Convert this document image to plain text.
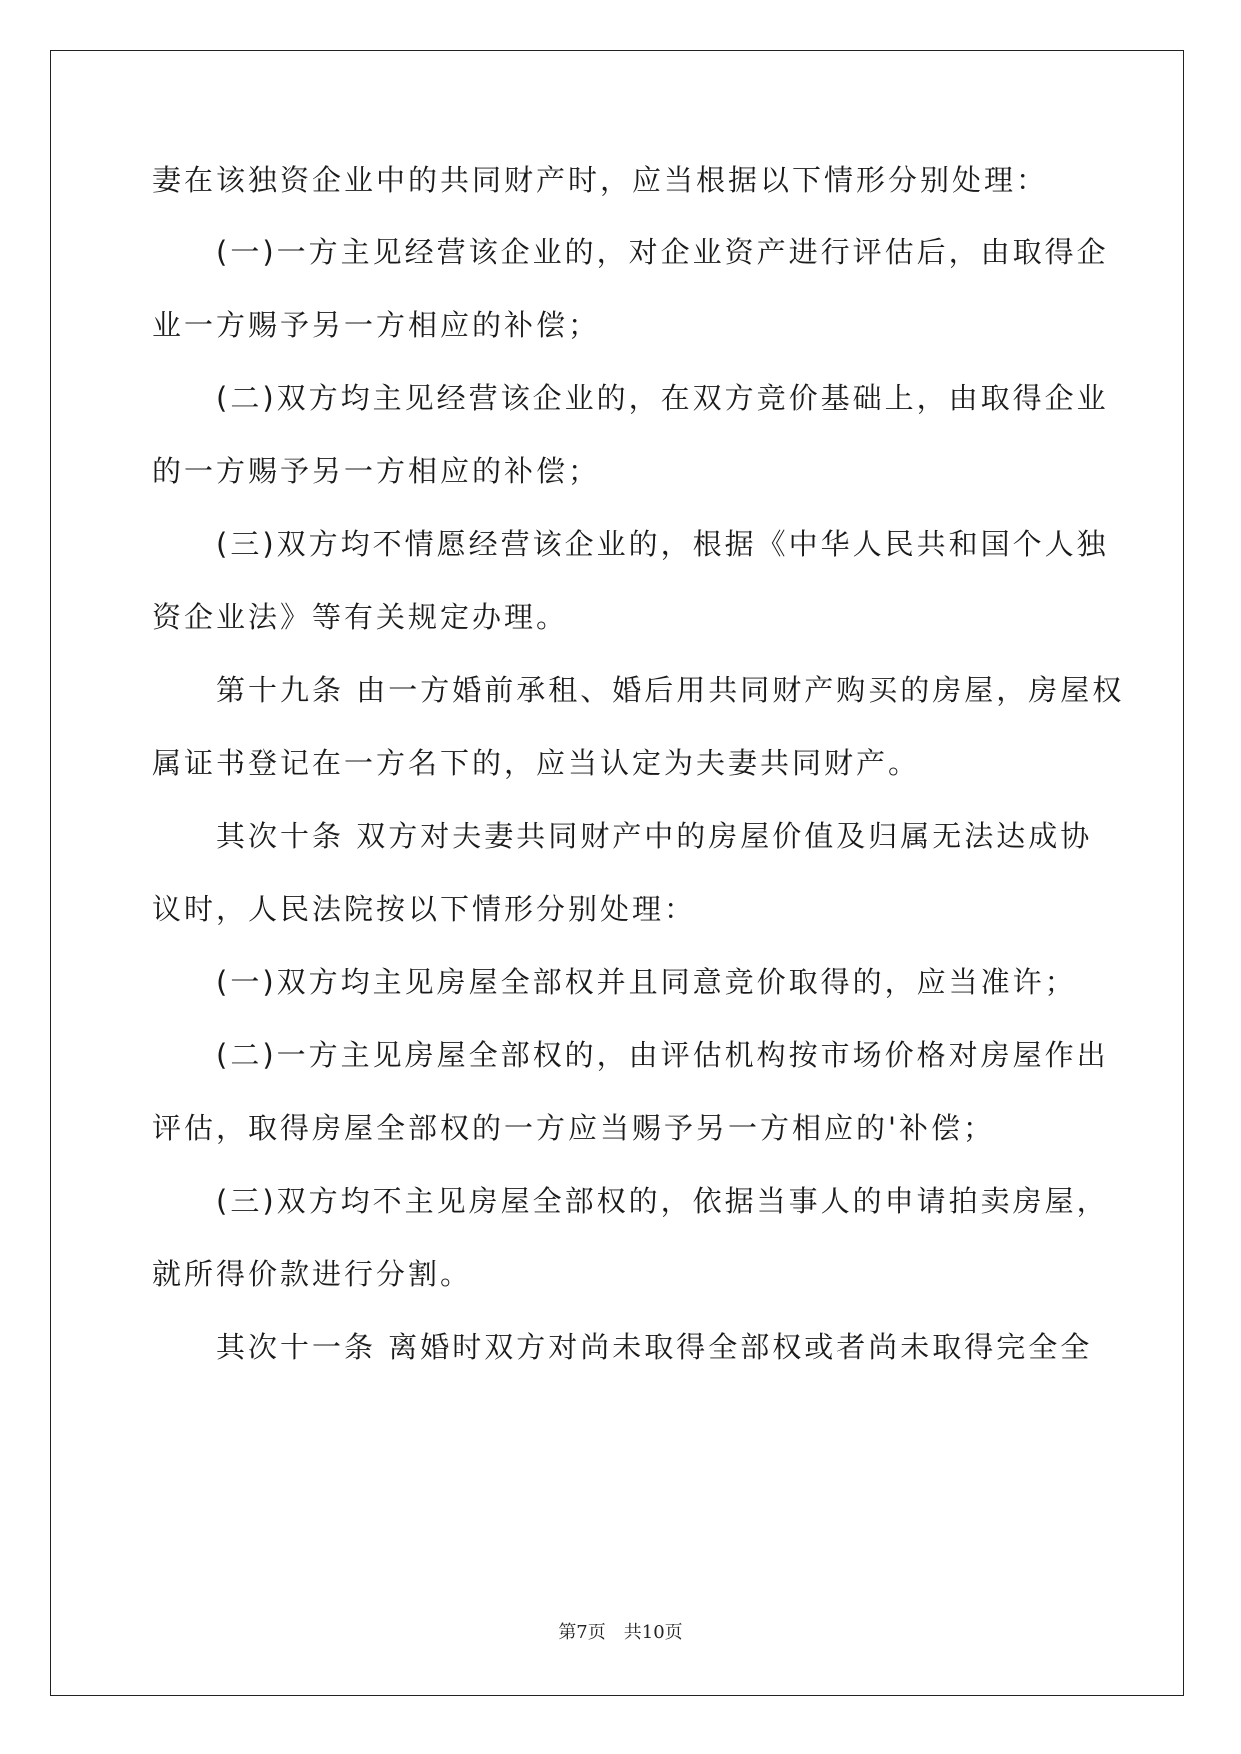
妻在该独资企业中的共同财产时，应当根据以下情形分别处理：
(一)一方主见经营该企业的，对企业资产进行评估后，由取得企
业一方赐予另一方相应的补偿；
(二)双方均主见经营该企业的，在双方竞价基础上，由取得企业
的一方赐予另一方相应的补偿；
(三)双方均不情愿经营该企业的，根据《中华人民共和国个人独
资企业法》等有关规定办理。
第十九条 由一方婚前承租、婚后用共同财产购买的房屋，房屋权
属证书登记在一方名下的，应当认定为夫妻共同财产。
其次十条 双方对夫妻共同财产中的房屋价值及归属无法达成协
议时，人民法院按以下情形分别处理：
(一)双方均主见房屋全部权并且同意竞价取得的，应当准许；
(二)一方主见房屋全部权的，由评估机构按市场价格对房屋作出
评估，取得房屋全部权的一方应当赐予另一方相应的'补偿；
(三)双方均不主见房屋全部权的，依据当事人的申请拍卖房屋，
就所得价款进行分割。
其次十一条 离婚时双方对尚未取得全部权或者尚未取得完全全
第7页　共10页
